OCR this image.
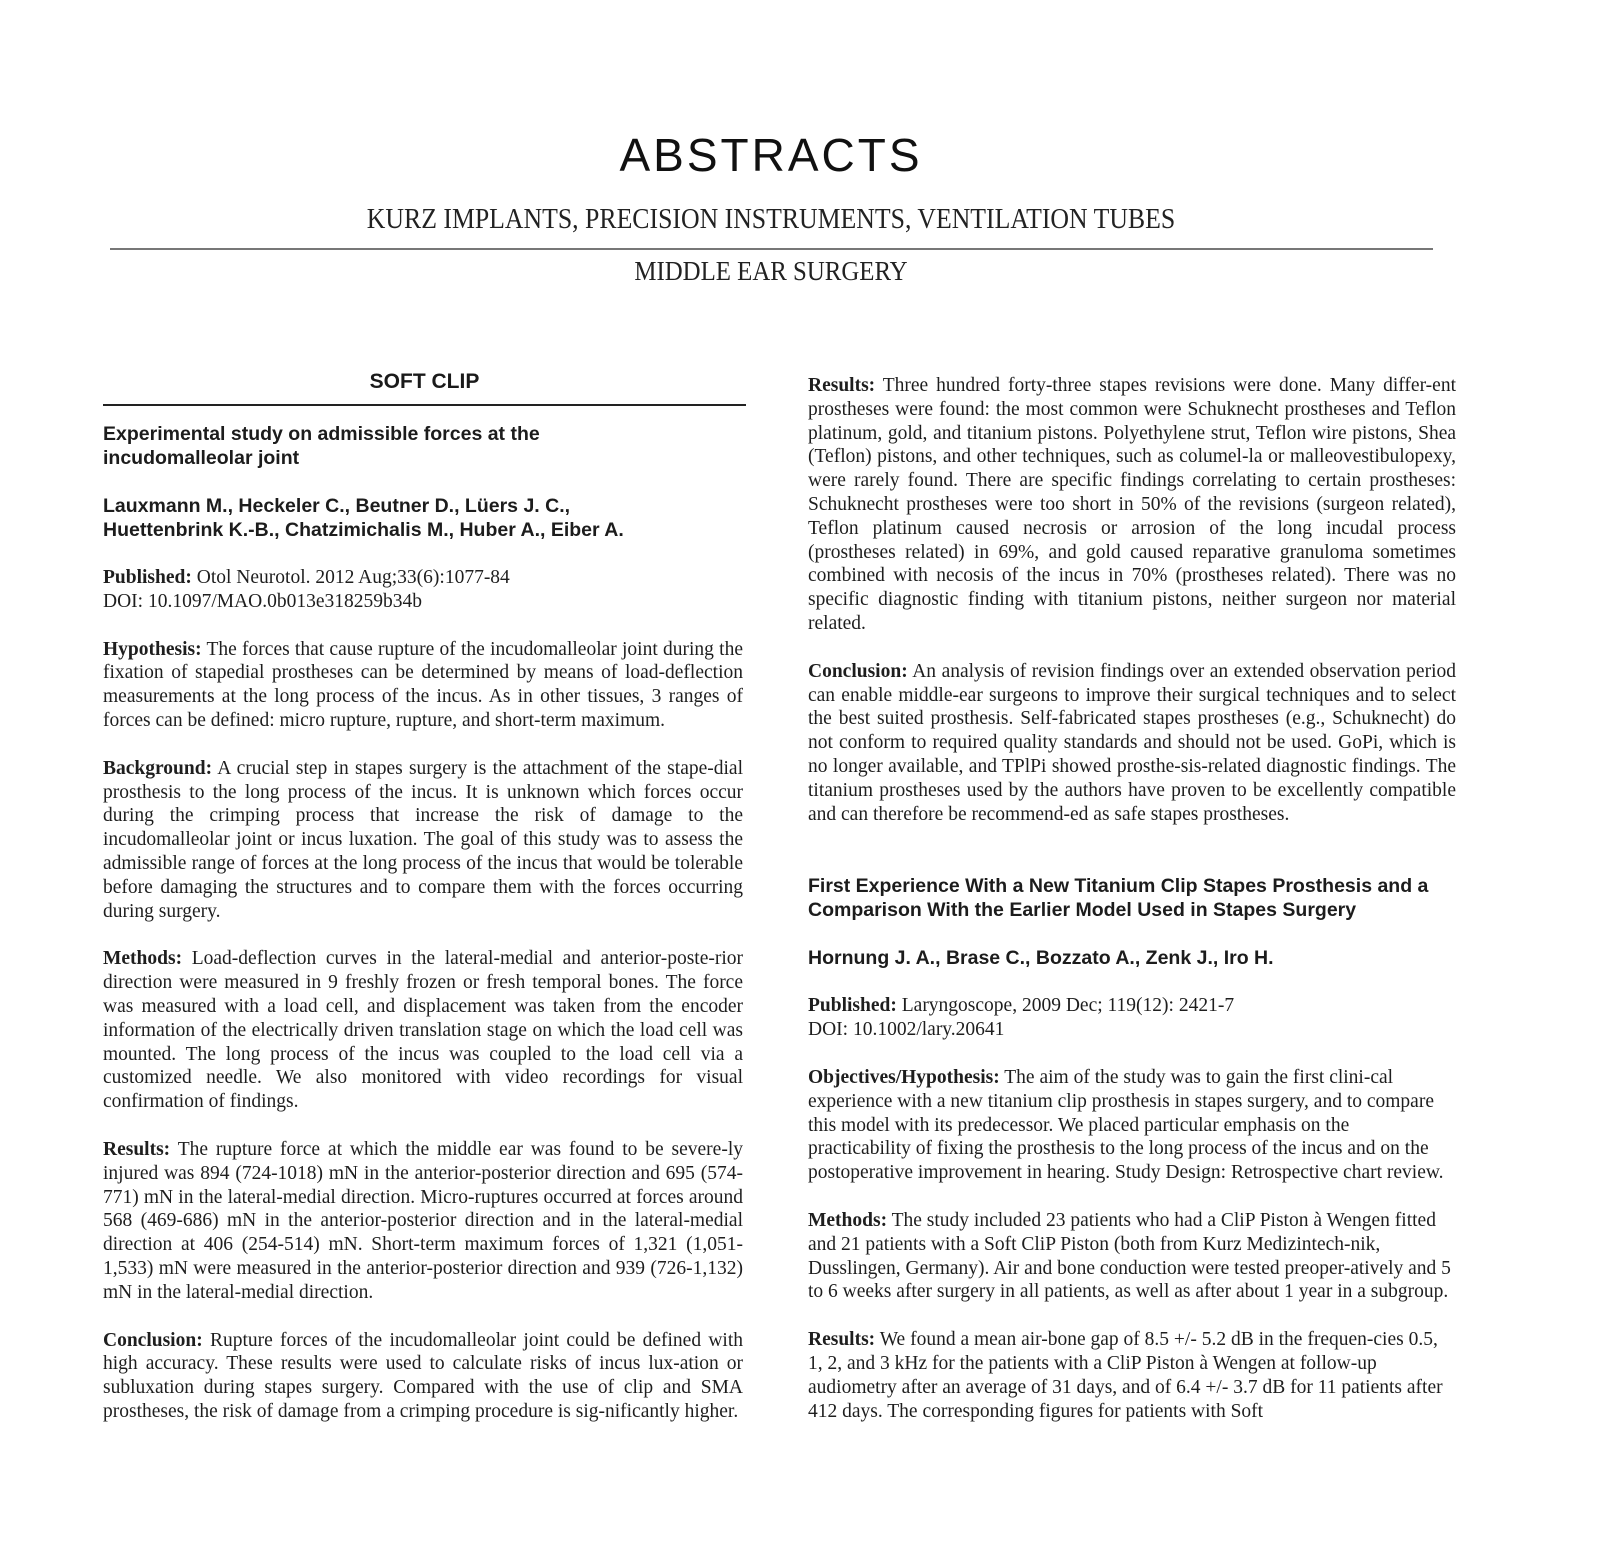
ABSTRACTS
KURZ IMPLANTS, PRECISION INSTRUMENTS, VENTILATION TUBES
MIDDLE EAR SURGERY
SOFT CLIP

Experimental study on admissible forces at the incudomalleolar joint

Lauxmann M., Heckeler C., Beutner D., Lüers J. C.,
Huettenbrink K.-B., Chatzimichalis M., Huber A., Eiber A.

Published: Otol Neurotol. 2012 Aug;33(6):1077-84
DOI: 10.1097/MAO.0b013e318259b34b

Hypothesis: The forces that cause rupture of the incudomalleolar joint during the fixation of stapedial prostheses can be determined by means of load-deflection measurements at the long process of the incus. As in other tissues, 3 ranges of forces can be defined: micro rupture, rupture, and short-term maximum.

Background: A crucial step in stapes surgery is the attachment of the stape-dial prosthesis to the long process of the incus. It is unknown which forces occur during the crimping process that increase the risk of damage to the incudomalleolar joint or incus luxation. The goal of this study was to assess the admissible range of forces at the long process of the incus that would be tolerable before damaging the structures and to compare them with the forces occurring during surgery.

Methods: Load-deflection curves in the lateral-medial and anterior-poste-rior direction were measured in 9 freshly frozen or fresh temporal bones. The force was measured with a load cell, and displacement was taken from the encoder information of the electrically driven translation stage on which the load cell was mounted. The long process of the incus was coupled to the load cell via a customized needle. We also monitored with video recordings for visual confirmation of findings.

Results: The rupture force at which the middle ear was found to be severe-ly injured was 894 (724-1018) mN in the anterior-posterior direction and 695 (574-771) mN in the lateral-medial direction. Micro-ruptures occurred at forces around 568 (469-686) mN in the anterior-posterior direction and in the lateral-medial direction at 406 (254-514) mN. Short-term maximum forces of 1,321 (1,051-1,533) mN were measured in the anterior-posterior direction and 939 (726-1,132) mN in the lateral-medial direction.

Conclusion: Rupture forces of the incudomalleolar joint could be defined with high accuracy. These results were used to calculate risks of incus lux-ation or subluxation during stapes surgery. Compared with the use of clip and SMA prostheses, the risk of damage from a crimping procedure is sig-nificantly higher.

Results: Three hundred forty-three stapes revisions were done. Many differ-ent prostheses were found: the most common were Schuknecht prostheses and Teflon platinum, gold, and titanium pistons. Polyethylene strut, Teflon wire pistons, Shea (Teflon) pistons, and other techniques, such as columel-la or malleovestibulopexy, were rarely found. There are specific findings correlating to certain prostheses: Schuknecht prostheses were too short in 50% of the revisions (surgeon related), Teflon platinum caused necrosis or arrosion of the long incudal process (prostheses related) in 69%, and gold caused reparative granuloma sometimes combined with necosis of the incus in 70% (prostheses related). There was no specific diagnostic finding with titanium pistons, neither surgeon nor material related.

Conclusion: An analysis of revision findings over an extended observation period can enable middle-ear surgeons to improve their surgical techniques and to select the best suited prosthesis. Self-fabricated stapes prostheses (e.g., Schuknecht) do not conform to required quality standards and should not be used. GoPi, which is no longer available, and TPlPi showed prosthe-sis-related diagnostic findings. The titanium prostheses used by the authors have proven to be excellently compatible and can therefore be recommend-ed as safe stapes prostheses.

First Experience With a New Titanium Clip Stapes Prosthesis and a Comparison With the Earlier Model Used in Stapes Surgery

Hornung J. A., Brase C., Bozzato A., Zenk J., Iro H.

Published: Laryngoscope, 2009 Dec; 119(12): 2421-7
DOI: 10.1002/lary.20641

Objectives/Hypothesis: The aim of the study was to gain the first clini-cal experience with a new titanium clip prosthesis in stapes surgery, and to compare this model with its predecessor. We placed particular emphasis on the practicability of fixing the prosthesis to the long process of the incus and on the postoperative improvement in hearing. Study Design: Retrospective chart review.

Methods: The study included 23 patients who had a CliP Piston à Wengen fitted and 21 patients with a Soft CliP Piston (both from Kurz Medizintech-nik, Dusslingen, Germany). Air and bone conduction were tested preoper-atively and 5 to 6 weeks after surgery in all patients, as well as after about 1 year in a subgroup.

Results: We found a mean air-bone gap of 8.5 +/- 5.2 dB in the frequen-cies 0.5, 1, 2, and 3 kHz for the patients with a CliP Piston à Wengen at follow-up audiometry after an average of 31 days, and of 6.4 +/- 3.7 dB for 11 patients after 412 days. The corresponding figures for patients with Soft
